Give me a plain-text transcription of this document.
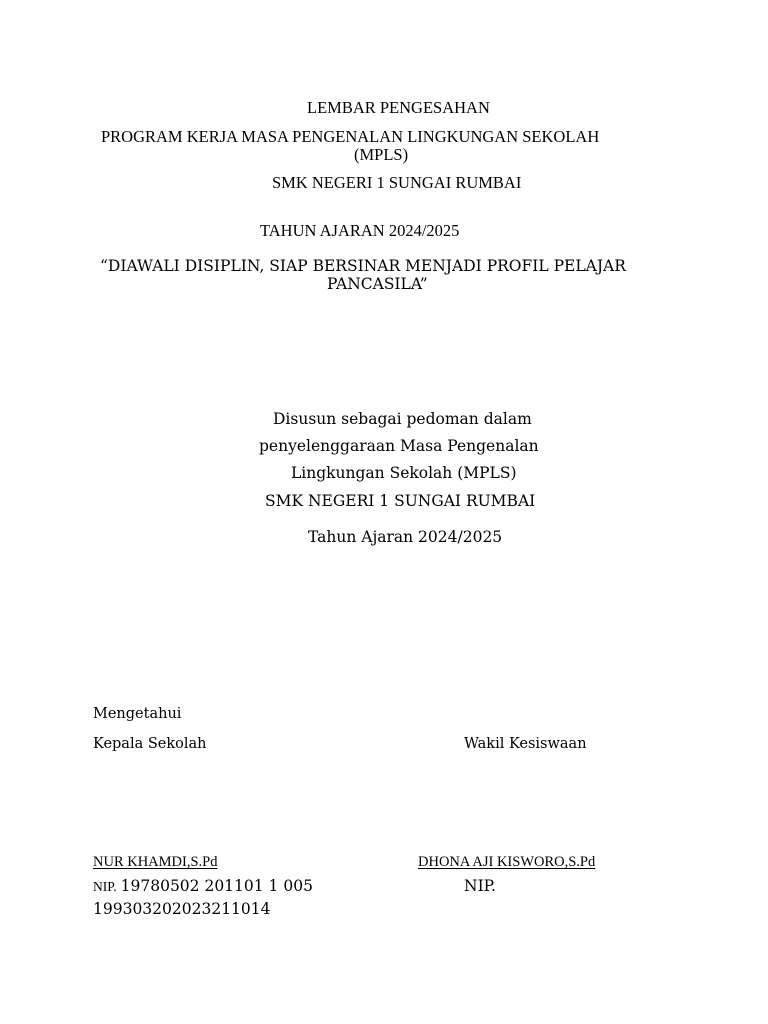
LEMBAR PENGESAHAN
PROGRAM KERJA MASA PENGENALAN LINGKUNGAN SEKOLAH
(MPLS)
SMK NEGERI 1 SUNGAI RUMBAI
TAHUN AJARAN 2024/2025
“DIAWALI DISIPLIN, SIAP BERSINAR MENJADI PROFIL PELAJAR
PANCASILA”
Disusun sebagai pedoman dalam
penyelenggaraan Masa Pengenalan
Lingkungan Sekolah (MPLS)
SMK NEGERI 1 SUNGAI RUMBAI
Tahun Ajaran 2024/2025
Mengetahui
Kepala Sekolah	Wakil Kesiswaan
NUR KHAMDI,S.Pd	DHONA AJI KISWORO,S.Pd
NIP. 19780502 201101 1 005	NIP.
199303202023211014
